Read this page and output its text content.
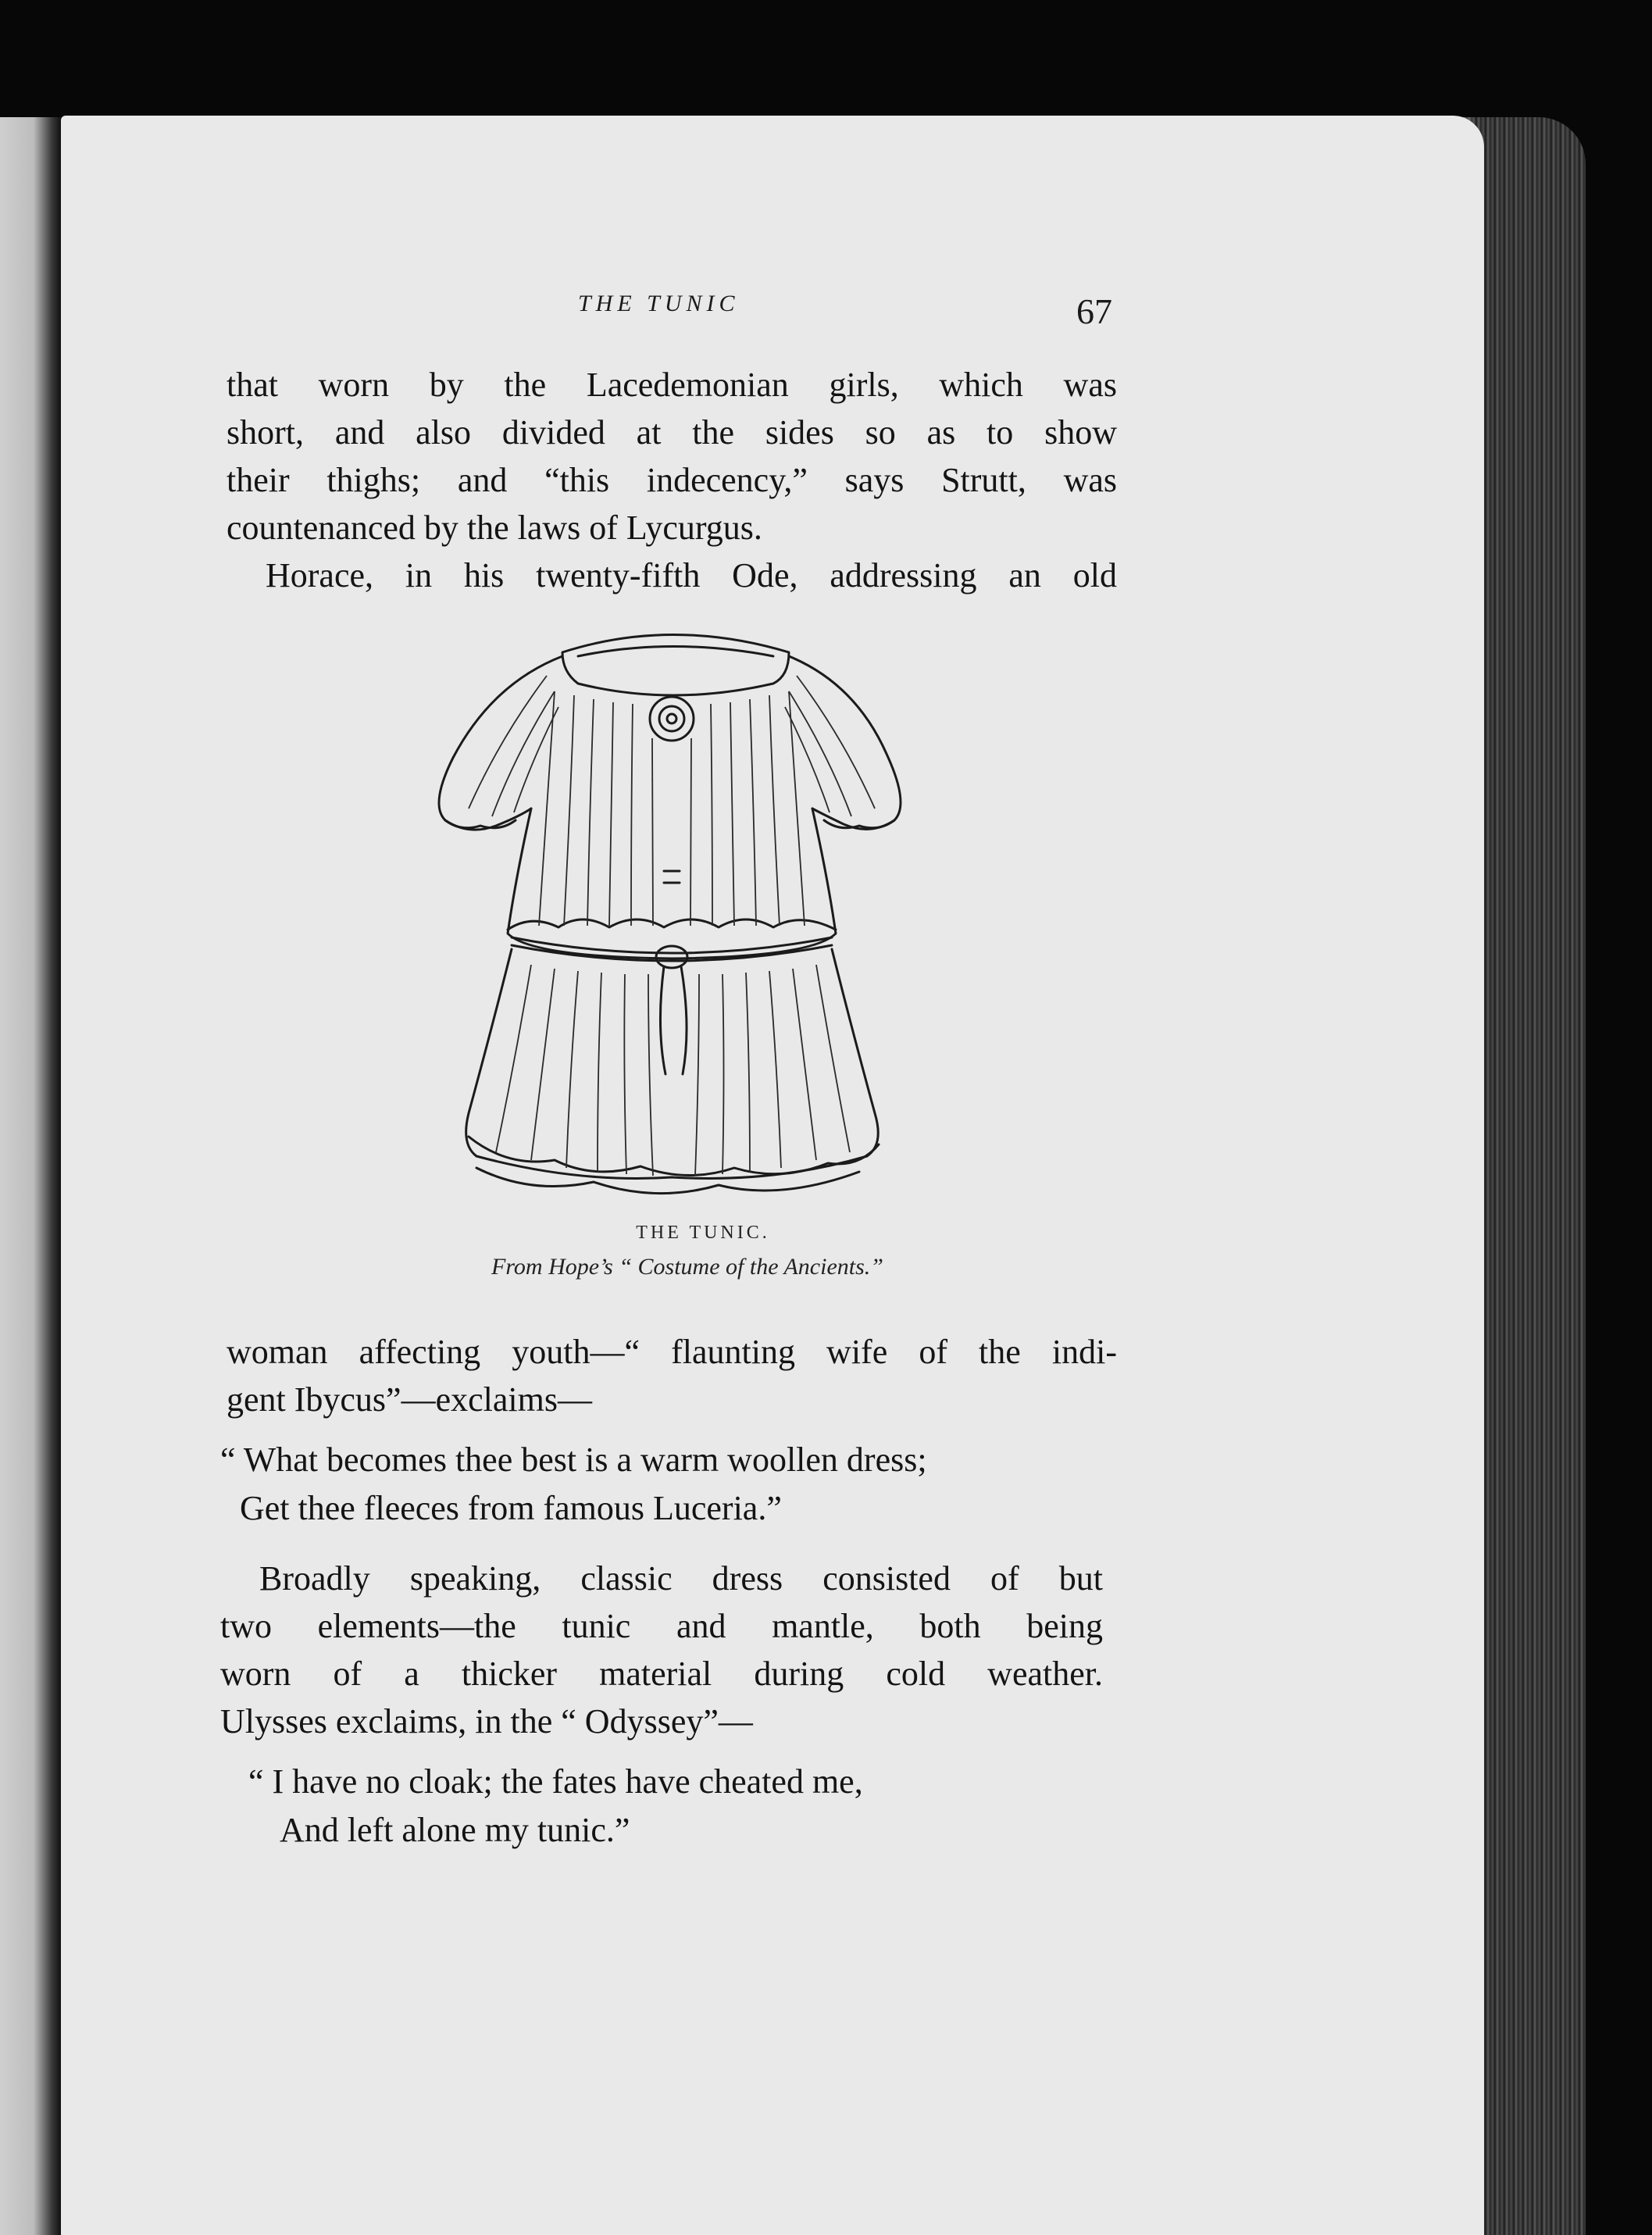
THE TUNIC	67

that worn by the Lacedemonian girls, which was
short, and also divided at the sides so as to show
their thighs; and “this indecency,” says Strutt, was
countenanced by the laws of Lycurgus.

Horace, in his twenty-fifth Ode, addressing an old

THE TUNIC.
From Hope’s “ Costume of the Ancients.”

woman affecting youth—“ flaunting wife of the indi-
gent Ibycus”—exclaims—

“ What becomes thee best is a warm woollen dress;
Get thee fleeces from famous Luceria.”

Broadly speaking, classic dress consisted of but
two elements—the tunic and mantle, both being
worn of a thicker material during cold weather.
Ulysses exclaims, in the “ Odyssey”—

“ I have no cloak; the fates have cheated me,
And left alone my tunic.”
